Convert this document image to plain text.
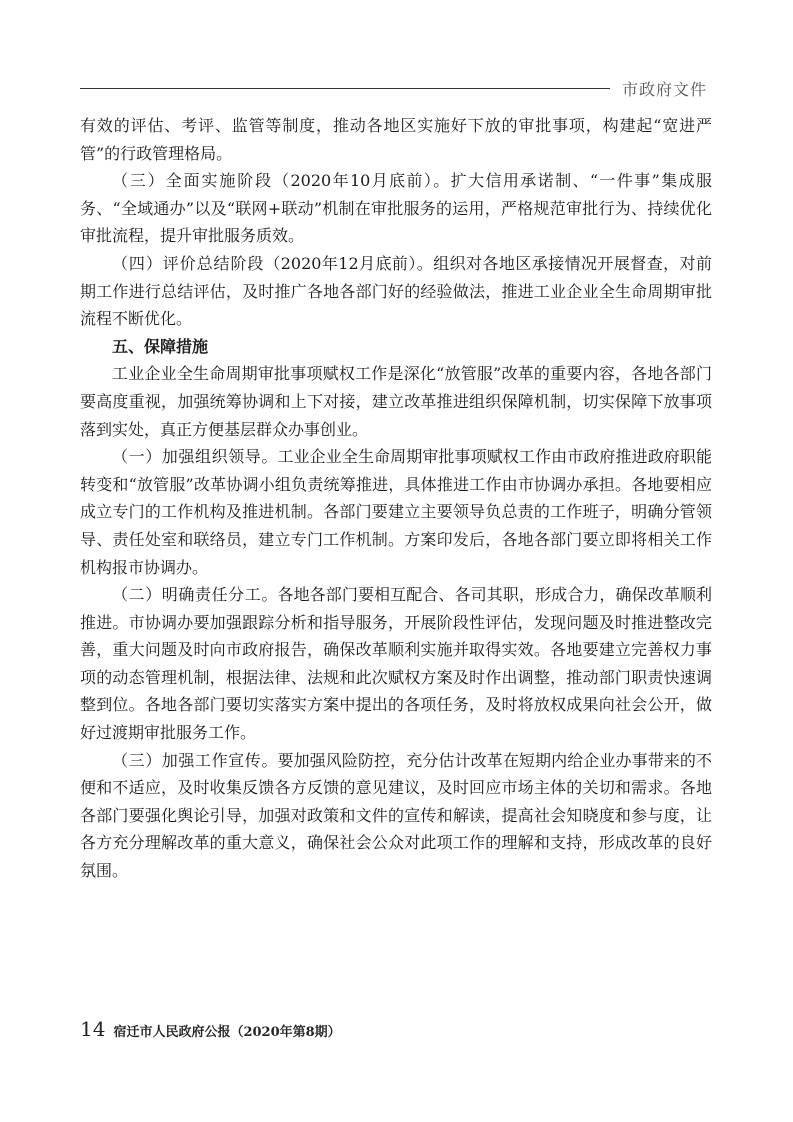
市政府文件

有效的评估、考评、监管等制度，推动各地区实施好下放的审批事项，构建起“宽进严管”的行政管理格局。

（三）全面实施阶段（2020年10月底前）。扩大信用承诺制、“一件事”集成服务、“全域通办”以及“联网+联动”机制在审批服务的运用，严格规范审批行为、持续优化审批流程，提升审批服务质效。

（四）评价总结阶段（2020年12月底前）。组织对各地区承接情况开展督查，对前期工作进行总结评估，及时推广各地各部门好的经验做法，推进工业企业全生命周期审批流程不断优化。

五、保障措施

工业企业全生命周期审批事项赋权工作是深化“放管服”改革的重要内容，各地各部门要高度重视，加强统筹协调和上下对接，建立改革推进组织保障机制，切实保障下放事项落到实处，真正方便基层群众办事创业。

（一）加强组织领导。工业企业全生命周期审批事项赋权工作由市政府推进政府职能转变和“放管服”改革协调小组负责统筹推进，具体推进工作由市协调办承担。各地要相应成立专门的工作机构及推进机制。各部门要建立主要领导负总责的工作班子，明确分管领导、责任处室和联络员，建立专门工作机制。方案印发后，各地各部门要立即将相关工作机构报市协调办。

（二）明确责任分工。各地各部门要相互配合、各司其职，形成合力，确保改革顺利推进。市协调办要加强跟踪分析和指导服务，开展阶段性评估，发现问题及时推进整改完善，重大问题及时向市政府报告，确保改革顺利实施并取得实效。各地要建立完善权力事项的动态管理机制，根据法律、法规和此次赋权方案及时作出调整，推动部门职责快速调整到位。各地各部门要切实落实方案中提出的各项任务，及时将放权成果向社会公开，做好过渡期审批服务工作。

（三）加强工作宣传。要加强风险防控，充分估计改革在短期内给企业办事带来的不便和不适应，及时收集反馈各方反馈的意见建议，及时回应市场主体的关切和需求。各地各部门要强化舆论引导，加强对政策和文件的宣传和解读，提高社会知晓度和参与度，让各方充分理解改革的重大意义，确保社会公众对此项工作的理解和支持，形成改革的良好氛围。

14 宿迁市人民政府公报（2020年第8期）
